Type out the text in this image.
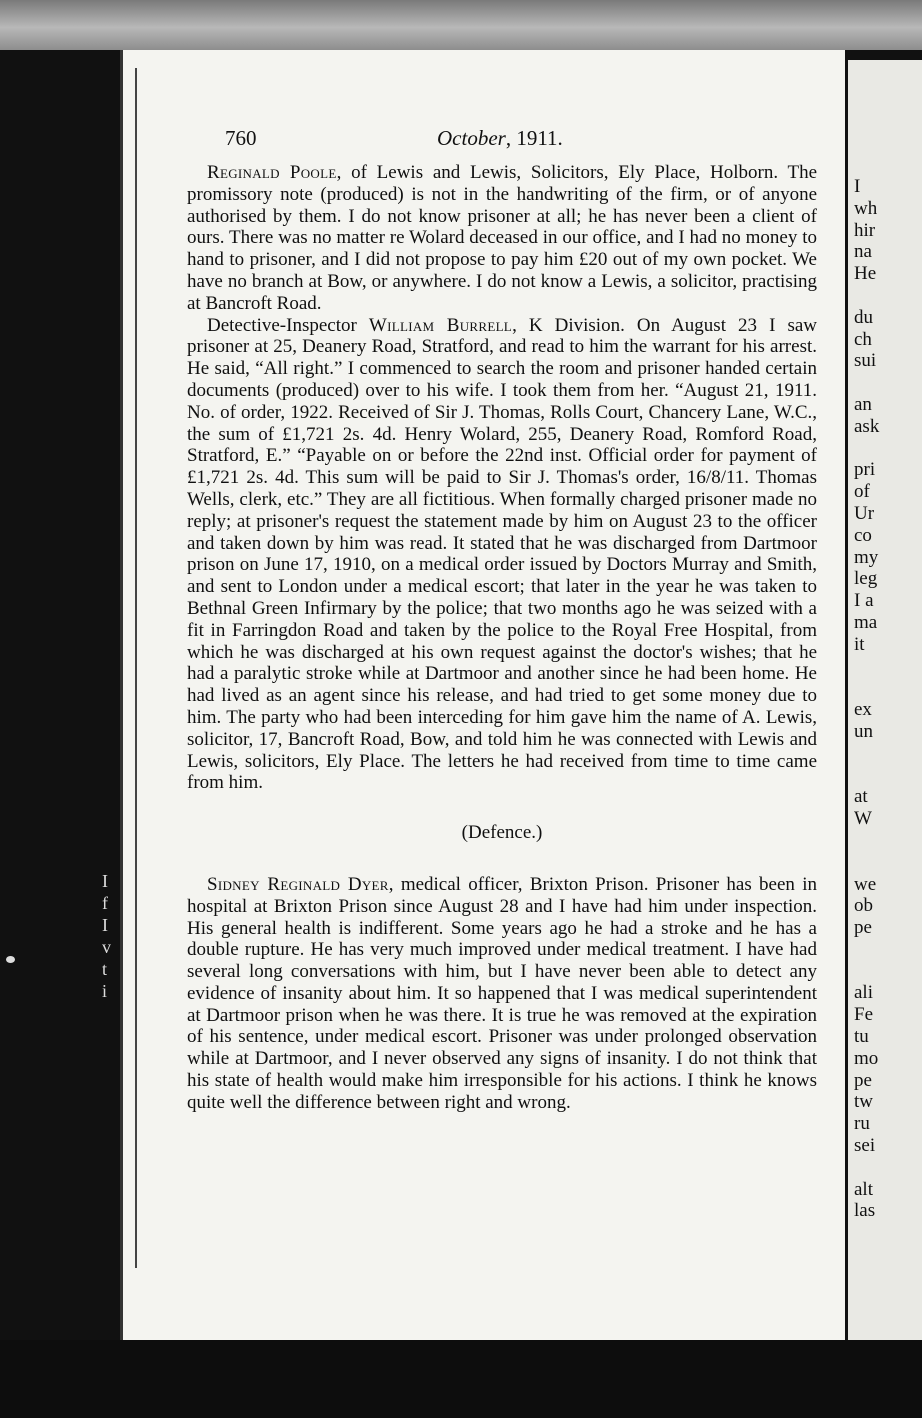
I
f
I
v
t
i
760	October, 1911.

Reginald Poole, of Lewis and Lewis, Solicitors, Ely Place, Holborn. The promissory note (produced) is not in the handwriting of the firm, or of anyone authorised by them. I do not know prisoner at all; he has never been a client of ours. There was no matter re Wolard deceased in our office, and I had no money to hand to prisoner, and I did not propose to pay him £20 out of my own pocket. We have no branch at Bow, or anywhere. I do not know a Lewis, a solicitor, practising at Bancroft Road.

Detective-Inspector William Burrell, K Division. On August 23 I saw prisoner at 25, Deanery Road, Stratford, and read to him the warrant for his arrest. He said, “All right.” I commenced to search the room and prisoner handed certain documents (produced) over to his wife. I took them from her. “August 21, 1911. No. of order, 1922. Received of Sir J. Thomas, Rolls Court, Chancery Lane, W.C., the sum of £1,721 2s. 4d. Henry Wolard, 255, Deanery Road, Romford Road, Stratford, E.” “Payable on or before the 22nd inst. Official order for payment of £1,721 2s. 4d. This sum will be paid to Sir J. Thomas's order, 16/8/11. Thomas Wells, clerk, etc.” They are all fictitious. When formally charged prisoner made no reply; at prisoner's request the statement made by him on August 23 to the officer and taken down by him was read. It stated that he was discharged from Dartmoor prison on June 17, 1910, on a medical order issued by Doctors Murray and Smith, and sent to London under a medical escort; that later in the year he was taken to Bethnal Green Infirmary by the police; that two months ago he was seized with a fit in Farringdon Road and taken by the police to the Royal Free Hospital, from which he was discharged at his own request against the doctor's wishes; that he had a paralytic stroke while at Dartmoor and another since he had been home. He had lived as an agent since his release, and had tried to get some money due to him. The party who had been interceding for him gave him the name of A. Lewis, solicitor, 17, Bancroft Road, Bow, and told him he was connected with Lewis and Lewis, solicitors, Ely Place. The letters he had received from time to time came from him.

(Defence.)

Sidney Reginald Dyer, medical officer, Brixton Prison. Prisoner has been in hospital at Brixton Prison since August 28 and I have had him under inspection. His general health is indifferent. Some years ago he had a stroke and he has a double rupture. He has very much improved under medical treatment. I have had several long conversations with him, but I have never been able to detect any evidence of insanity about him. It so happened that I was medical superintendent at Dartmoor prison when he was there. It is true he was removed at the expiration of his sentence, under medical escort. Prisoner was under prolonged observation while at Dartmoor, and I never observed any signs of insanity. I do not think that his state of health would make him irresponsible for his actions. I think he knows quite well the difference between right and wrong.

I
wh
hir
na
He
du
ch
sui
an
ask
pri
of
Ur
co
my
leg
I a
ma
it
ex
un
at
W
we
ob
pe
ali
Fe
tu
mo
pe
tw
ru
sei
alt
las
